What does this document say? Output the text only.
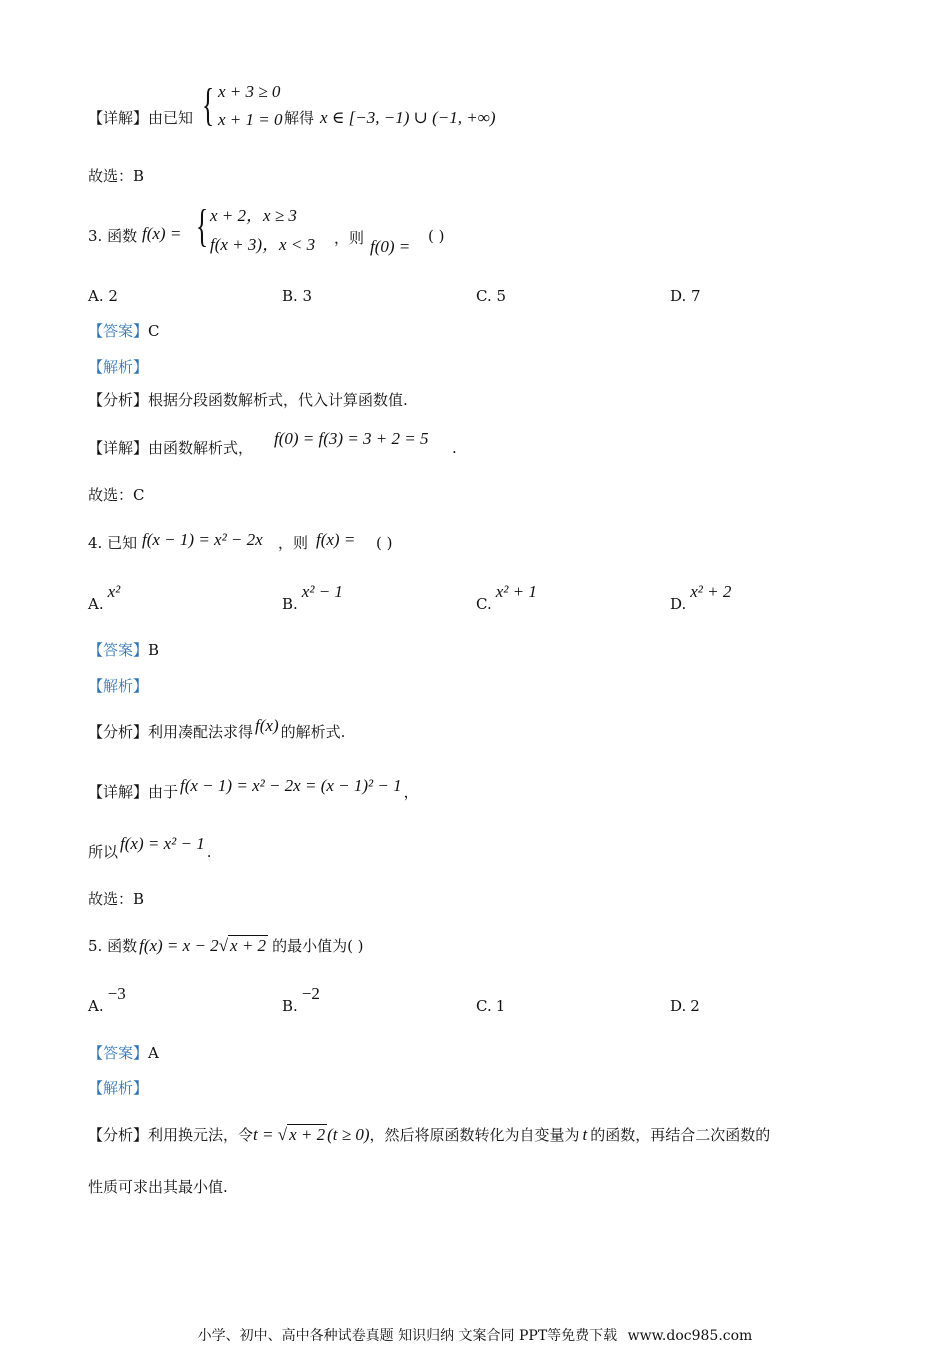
【详解】由已知 { x + 3 ≥ 0
x + 1 = 0 解得 x ∈ [−3, −1) ∪ (−1, +∞)
故选：B
3. 函数 f(x) = { x + 2，x ≥ 3
f(x + 3)，x < 3 ，则 f(0) =
( )
A. 2	B. 3	C. 5	D. 7
【答案】C
【解析】
【分析】根据分段函数解析式，代入计算函数值.
【详解】由函数解析式， f(0) = f(3) = 3 + 2 = 5 .
故选：C
4. 已知 f(x − 1) = x² − 2x ，则 f(x) = ( )
A.x²
B.x² − 1
C.x² + 1
D.x² + 2
【答案】B
【解析】
【分析】利用凑配法求得 f(x) 的解析式.
【详解】由于 f(x − 1) = x² − 2x = (x − 1)² − 1 ，
所以 f(x) = x² − 1 .
故选：B
5. 函数 f(x) = x − 2√ x + 2 的最小值为( )
A.−3
B.−2
C. 1	D. 2
【答案】A
【解析】
【分析】利用换元法，令t = √ x + 2 (t ≥ 0)，然后将原函数转化为自变量为 t 的函数，再结合二次函数的
性质可求出其最小值.
小学、初中、高中各种试卷真题 知识归纳 文案合同 PPT等免费下载 www.doc985.com
